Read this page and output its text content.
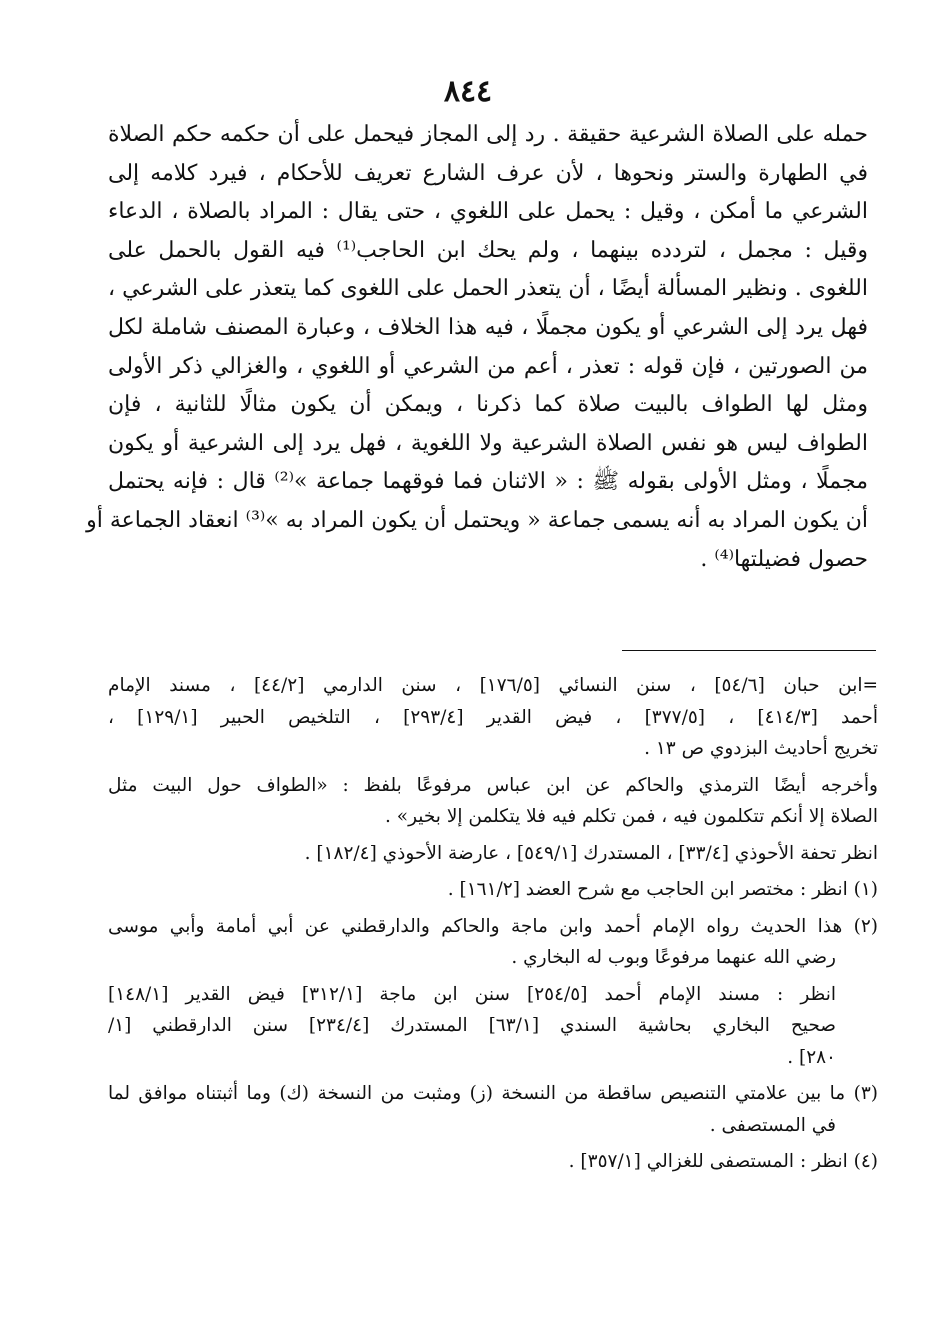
٨٤٤
حمله على الصلاة الشرعية حقيقة . رد إلى المجاز فيحمل على أن حكمه حكم الصلاة
في الطهارة والستر ونحوها ، لأن عرف الشارع تعريف للأحكام ، فيرد كلامه إلى
الشرعي ما أمكن ، وقيل : يحمل على اللغوي ، حتى يقال : المراد بالصلاة ، الدعاء
وقيل : مجمل ، لتردده بينهما ، ولم يحك ابن الحاجب⁽¹⁾ فيه القول بالحمل على
اللغوى . ونظير المسألة أيضًا ، أن يتعذر الحمل على اللغوى كما يتعذر على الشرعي ،
فهل يرد إلى الشرعي أو يكون مجملًا ، فيه هذا الخلاف ، وعبارة المصنف شاملة لكل
من الصورتين ، فإن قوله : تعذر ، أعم من الشرعي أو اللغوي ، والغزالي ذكر الأولى
ومثل لها الطواف بالبيت صلاة كما ذكرنا ، ويمكن أن يكون مثالًا للثانية ، فإن
الطواف ليس هو نفس الصلاة الشرعية ولا اللغوية ، فهل يرد إلى الشرعية أو يكون
مجملًا ، ومثل الأولى بقوله ﷺ : « الاثنان فما فوقهما جماعة »⁽²⁾ قال : فإنه يحتمل
أن يكون المراد به أنه يسمى جماعة « ويحتمل أن يكون المراد به »⁽³⁾ انعقاد الجماعة أو
حصول فضيلتها⁽⁴⁾ .
=ابن حبان [٥٤/٦] ، سنن النسائي [١٧٦/٥] ، سنن الدارمي [٤٤/٢] ، مسند الإمام
أحمد [٤١٤/٣] ، [٣٧٧/٥] ، فيض القدير [٢٩٣/٤] ، التلخيص الحبير [١٢٩/١] ،
تخريج أحاديث البزدوي ص ١٣ .
وأخرجه أيضًا الترمذي والحاكم عن ابن عباس مرفوعًا بلفظ : «الطواف حول البيت مثل
الصلاة إلا أنكم تتكلمون فيه ، فمن تكلم فيه فلا يتكلمن إلا بخير» .
انظر تحفة الأحوذي [٣٣/٤] ، المستدرك [٥٤٩/١] ، عارضة الأحوذي [١٨٢/٤] .
(١) انظر : مختصر ابن الحاجب مع شرح العضد [١٦١/٢] .
(٢) هذا الحديث رواه الإمام أحمد وابن ماجة والحاكم والدارقطني عن أبي أمامة وأبي موسى
رضي الله عنهما مرفوعًا وبوب له البخاري .
انظر : مسند الإمام أحمد [٢٥٤/٥] سنن ابن ماجة [٣١٢/١] فيض القدير [١٤٨/١]
صحيح البخاري بحاشية السندي [٦٣/١] المستدرك [٢٣٤/٤] سنن الدارقطني [١/
٢٨٠] .
(٣) ما بين علامتي التنصيص ساقطة من النسخة (ز) ومثبت من النسخة (ك) وما أثبتناه موافق لما
في المستصفى .
(٤) انظر : المستصفى للغزالي [٣٥٧/١] .
